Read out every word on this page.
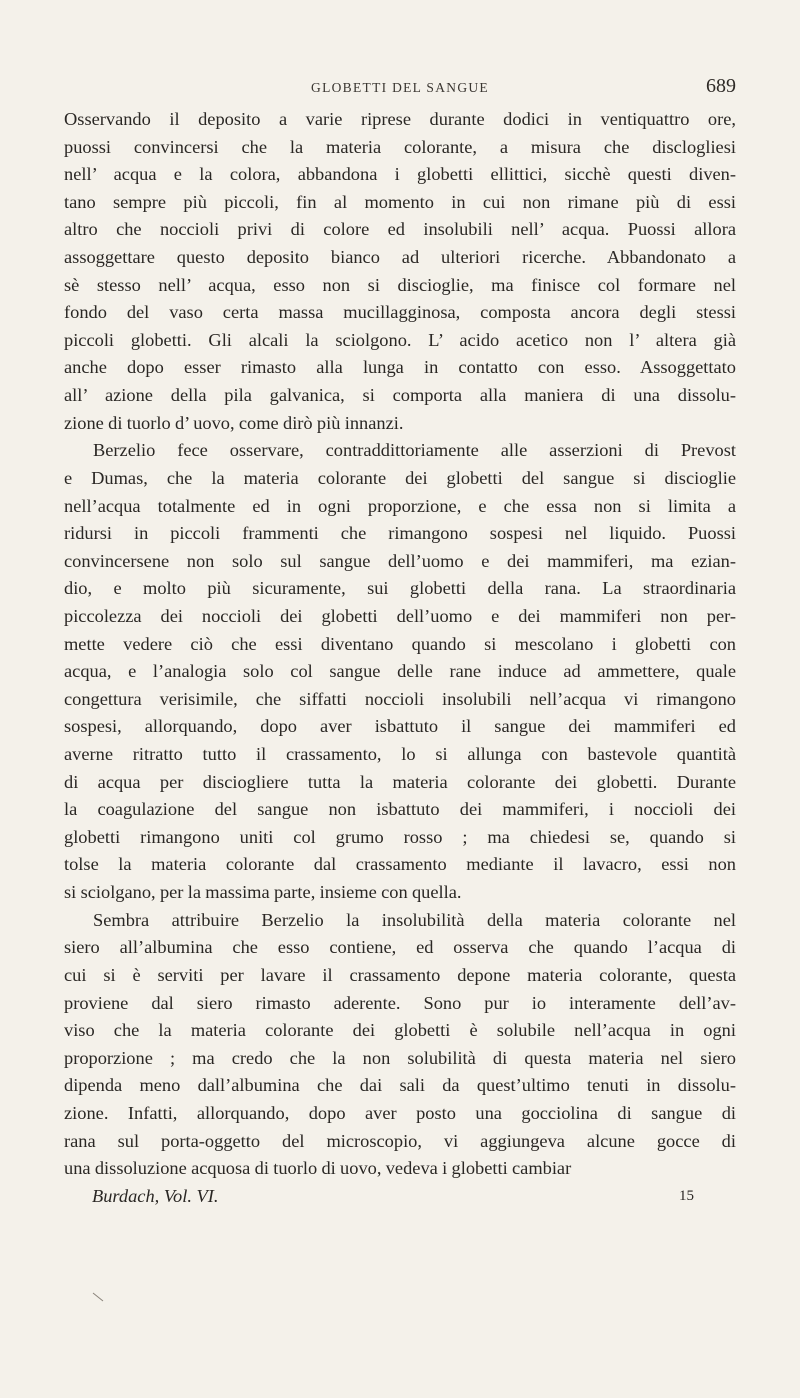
GLOBETTI DEL SANGUE	689
Osservando il deposito a varie riprese durante dodici in ventiquattro ore,
puossi convincersi che la materia colorante, a misura che disclogliesi
nell’ acqua e la colora, abbandona i globetti ellittici, sicchè questi diven-
tano sempre più piccoli, fin al momento in cui non rimane più di essi
altro che noccioli privi di colore ed insolubili nell’ acqua. Puossi allora
assoggettare questo deposito bianco ad ulteriori ricerche. Abbandonato a
sè stesso nell’ acqua, esso non si discioglie, ma finisce col formare nel
fondo del vaso certa massa mucillagginosa, composta ancora degli stessi
piccoli globetti. Gli alcali la sciolgono. L’ acido acetico non l’ altera già
anche dopo esser rimasto alla lunga in contatto con esso. Assoggettato
all’ azione della pila galvanica, si comporta alla maniera di una dissolu-
zione di tuorlo d’ uovo, come dirò più innanzi.
Berzelio fece osservare, contraddittoriamente alle asserzioni di Prevost
e Dumas, che la materia colorante dei globetti del sangue si discioglie
nell’acqua totalmente ed in ogni proporzione, e che essa non si limita a
ridursi in piccoli frammenti che rimangono sospesi nel liquido. Puossi
convincersene non solo sul sangue dell’uomo e dei mammiferi, ma ezian-
dio, e molto più sicuramente, sui globetti della rana. La straordinaria
piccolezza dei noccioli dei globetti dell’uomo e dei mammiferi non per-
mette vedere ciò che essi diventano quando si mescolano i globetti con
acqua, e l’analogia solo col sangue delle rane induce ad ammettere, quale
congettura verisimile, che siffatti noccioli insolubili nell’acqua vi rimangono
sospesi, allorquando, dopo aver isbattuto il sangue dei mammiferi ed
averne ritratto tutto il crassamento, lo si allunga con bastevole quantità
di acqua per disciogliere tutta la materia colorante dei globetti. Durante
la coagulazione del sangue non isbattuto dei mammiferi, i noccioli dei
globetti rimangono uniti col grumo rosso ; ma chiedesi se, quando si
tolse la materia colorante dal crassamento mediante il lavacro, essi non
si sciolgano, per la massima parte, insieme con quella.
Sembra attribuire Berzelio la insolubilità della materia colorante nel
siero all’albumina che esso contiene, ed osserva che quando l’acqua di
cui si è serviti per lavare il crassamento depone materia colorante, questa
proviene dal siero rimasto aderente. Sono pur io interamente dell’av-
viso che la materia colorante dei globetti è solubile nell’acqua in ogni
proporzione ; ma credo che la non solubilità di questa materia nel siero
dipenda meno dall’albumina che dai sali da quest’ultimo tenuti in dissolu-
zione. Infatti, allorquando, dopo aver posto una gocciolina di sangue di
rana sul porta-oggetto del microscopio, vi aggiungeva alcune gocce di
una dissoluzione acquosa di tuorlo di uovo, vedeva i globetti cambiar
Burdach, Vol. VI.	15
